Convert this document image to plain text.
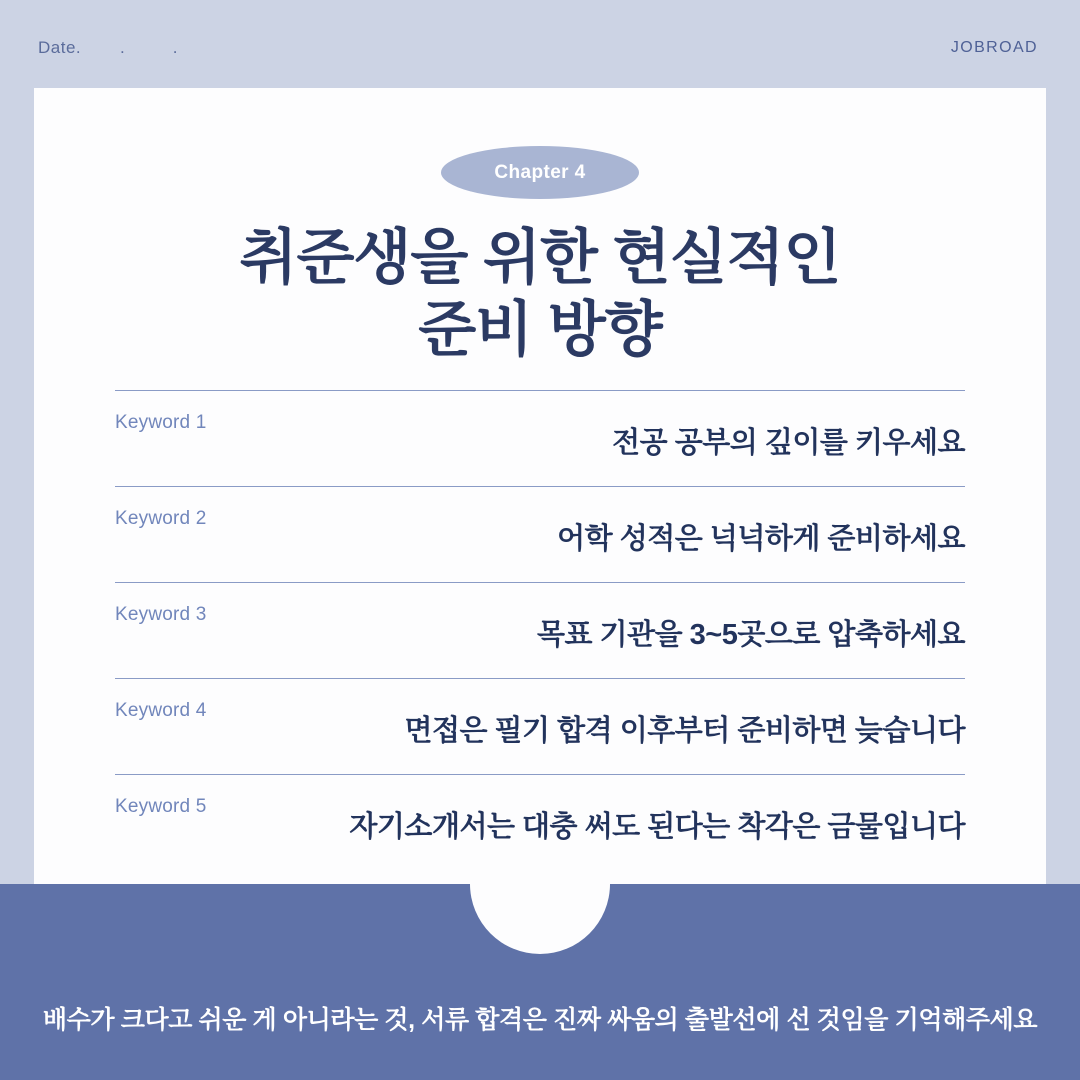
Date. ..	JOBROAD
Chapter 4
취준생을 위한 현실적인
준비 방향
Keyword 1
전공 공부의 깊이를 키우세요
Keyword 2
어학 성적은 넉넉하게 준비하세요
Keyword 3
목표 기관을 3~5곳으로 압축하세요
Keyword 4
면접은 필기 합격 이후부터 준비하면 늦습니다
Keyword 5
자기소개서는 대충 써도 된다는 착각은 금물입니다
배수가 크다고 쉬운 게 아니라는 것, 서류 합격은 진짜 싸움의 출발선에 선 것임을 기억해주세요
